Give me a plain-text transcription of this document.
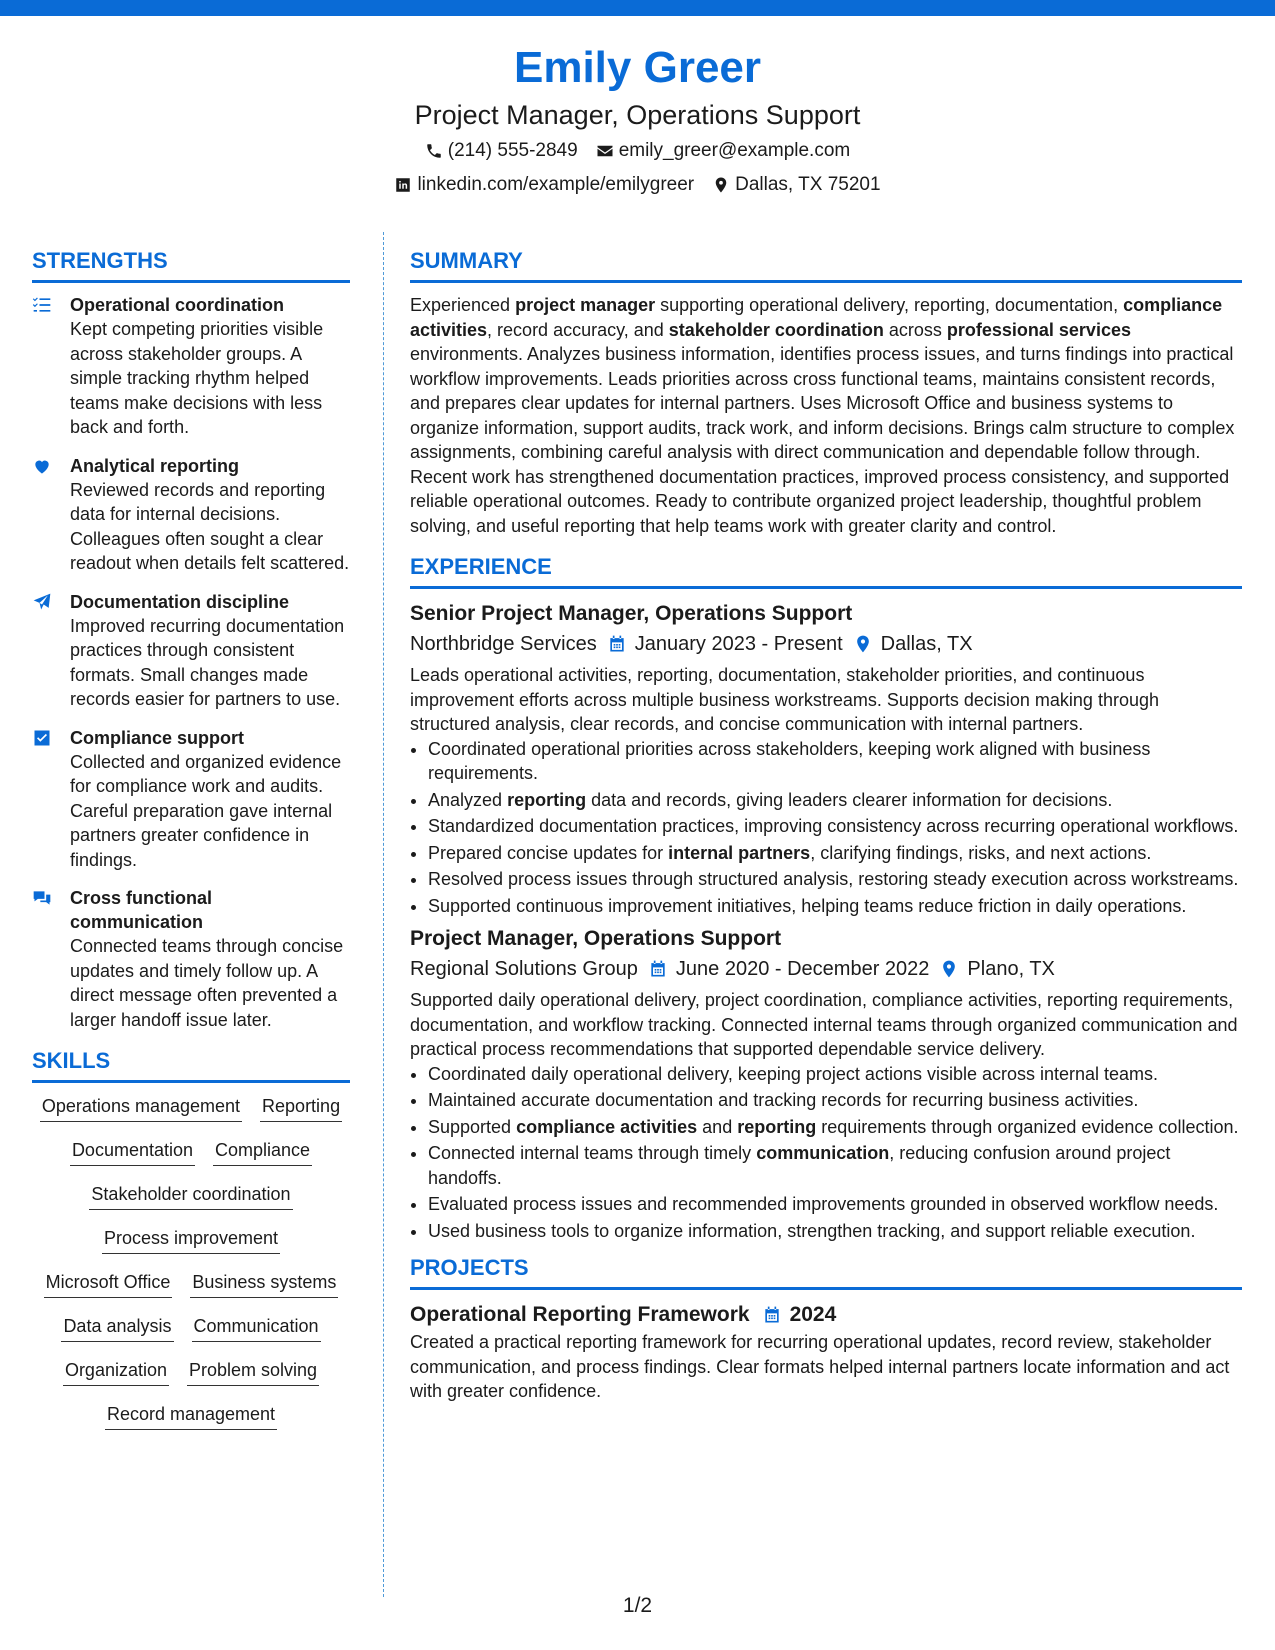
Emily Greer
Project Manager, Operations Support
(214) 555-2849 emily_greer@example.com
linkedin.com/example/emilygreer Dallas, TX 75201
STRENGTHS
Operational coordination
Kept competing priorities visible across stakeholder groups. A simple tracking rhythm helped teams make decisions with less back and forth.
Analytical reporting
Reviewed records and reporting data for internal decisions. Colleagues often sought a clear readout when details felt scattered.
Documentation discipline
Improved recurring documentation practices through consistent formats. Small changes made records easier for partners to use.
Compliance support
Collected and organized evidence for compliance work and audits. Careful preparation gave internal partners greater confidence in findings.
Cross functional communication
Connected teams through concise updates and timely follow up. A direct message often prevented a larger handoff issue later.
SKILLS
Operations management Reporting
Documentation Compliance
Stakeholder coordination
Process improvement
Microsoft Office Business systems
Data analysis Communication
Organization Problem solving
Record management
SUMMARY
Experienced project manager supporting operational delivery, reporting, documentation, compliance activities, record accuracy, and stakeholder coordination across professional services environments. Analyzes business information, identifies process issues, and turns findings into practical workflow improvements. Leads priorities across cross functional teams, maintains consistent records, and prepares clear updates for internal partners. Uses Microsoft Office and business systems to organize information, support audits, track work, and inform decisions. Brings calm structure to complex assignments, combining careful analysis with direct communication and dependable follow through. Recent work has strengthened documentation practices, improved process consistency, and supported reliable operational outcomes. Ready to contribute organized project leadership, thoughtful problem solving, and useful reporting that help teams work with greater clarity and control.
EXPERIENCE
Senior Project Manager, Operations Support
Northbridge Services January 2023 - Present Dallas, TX
Leads operational activities, reporting, documentation, stakeholder priorities, and continuous improvement efforts across multiple business workstreams. Supports decision making through structured analysis, clear records, and concise communication with internal partners.
• Coordinated operational priorities across stakeholders, keeping work aligned with business requirements.
• Analyzed reporting data and records, giving leaders clearer information for decisions.
• Standardized documentation practices, improving consistency across recurring operational workflows.
• Prepared concise updates for internal partners, clarifying findings, risks, and next actions.
• Resolved process issues through structured analysis, restoring steady execution across workstreams.
• Supported continuous improvement initiatives, helping teams reduce friction in daily operations.
Project Manager, Operations Support
Regional Solutions Group June 2020 - December 2022 Plano, TX
Supported daily operational delivery, project coordination, compliance activities, reporting requirements, documentation, and workflow tracking. Connected internal teams through organized communication and practical process recommendations that supported dependable service delivery.
• Coordinated daily operational delivery, keeping project actions visible across internal teams.
• Maintained accurate documentation and tracking records for recurring business activities.
• Supported compliance activities and reporting requirements through organized evidence collection.
• Connected internal teams through timely communication, reducing confusion around project handoffs.
• Evaluated process issues and recommended improvements grounded in observed workflow needs.
• Used business tools to organize information, strengthen tracking, and support reliable execution.
PROJECTS
Operational Reporting Framework 2024
Created a practical reporting framework for recurring operational updates, record review, stakeholder communication, and process findings. Clear formats helped internal partners locate information and act with greater confidence.
1/2
